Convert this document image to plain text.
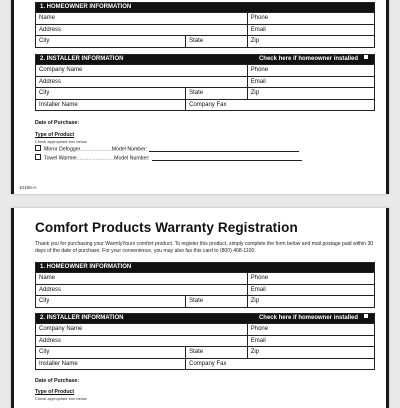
1. HOMEOWNER INFORMATION
Name	Phone
Address	Email
City	State	Zip
2. INSTALLER INFORMATION	Check here if homeowner installed
Company Name	Phone
Address	Email
City	State	Zip
Installer Name	Company Fax
Date of Purchase:
Type of Product
Check appropriate box below
Mirror Defogger......................Model Number:
Towel Warmer..........................Model Number:
10195-A
Comfort Products Warranty Registration
Thank you for purchasing your WarmlyYours comfort product. To register this product, simply complete the form below and mail postage paid within 30 days of the date of purchase. For your convenience, you may also fax this card to (800) 408-1100.
1. HOMEOWNER INFORMATION
Name	Phone
Address	Email
City	State	Zip
2. INSTALLER INFORMATION	Check here if homeowner installed
Company Name	Phone
Address	Email
City	State	Zip
Installer Name	Company Fax
Date of Purchase:
Type of Product
Check appropriate box below
